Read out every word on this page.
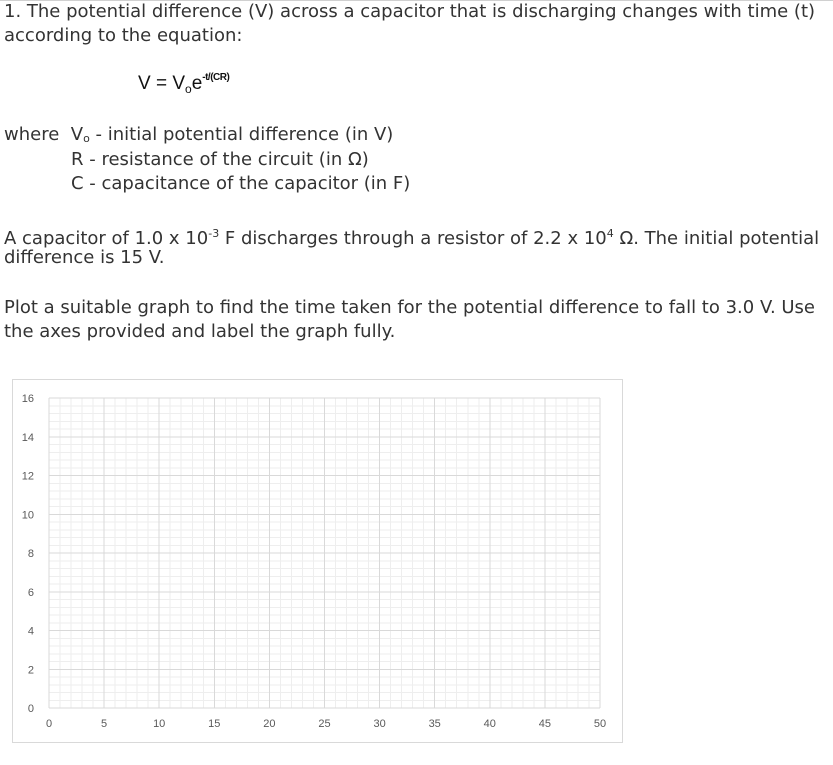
1. The potential difference (V) across a capacitor that is discharging changes with time (t)
according to the equation:
$V = V_oe^{-t/(CR)}$
where $V_o$ - initial potential difference (in V)
R - resistance of the circuit (in Ω)
C - capacitance of the capacitor (in F)
A capacitor of 1.0 x $10^{-3}$ F discharges through a resistor of 2.2 x $10^4$ Ω. The initial potential
difference is 15 V.
Plot a suitable graph to find the time taken for the potential difference to fall to 3.0 V. Use
the axes provided and label the graph fully.
0	5	10	15	20	25	30	35	40	45	50
0
2
4
6
8
10
12
14
16
